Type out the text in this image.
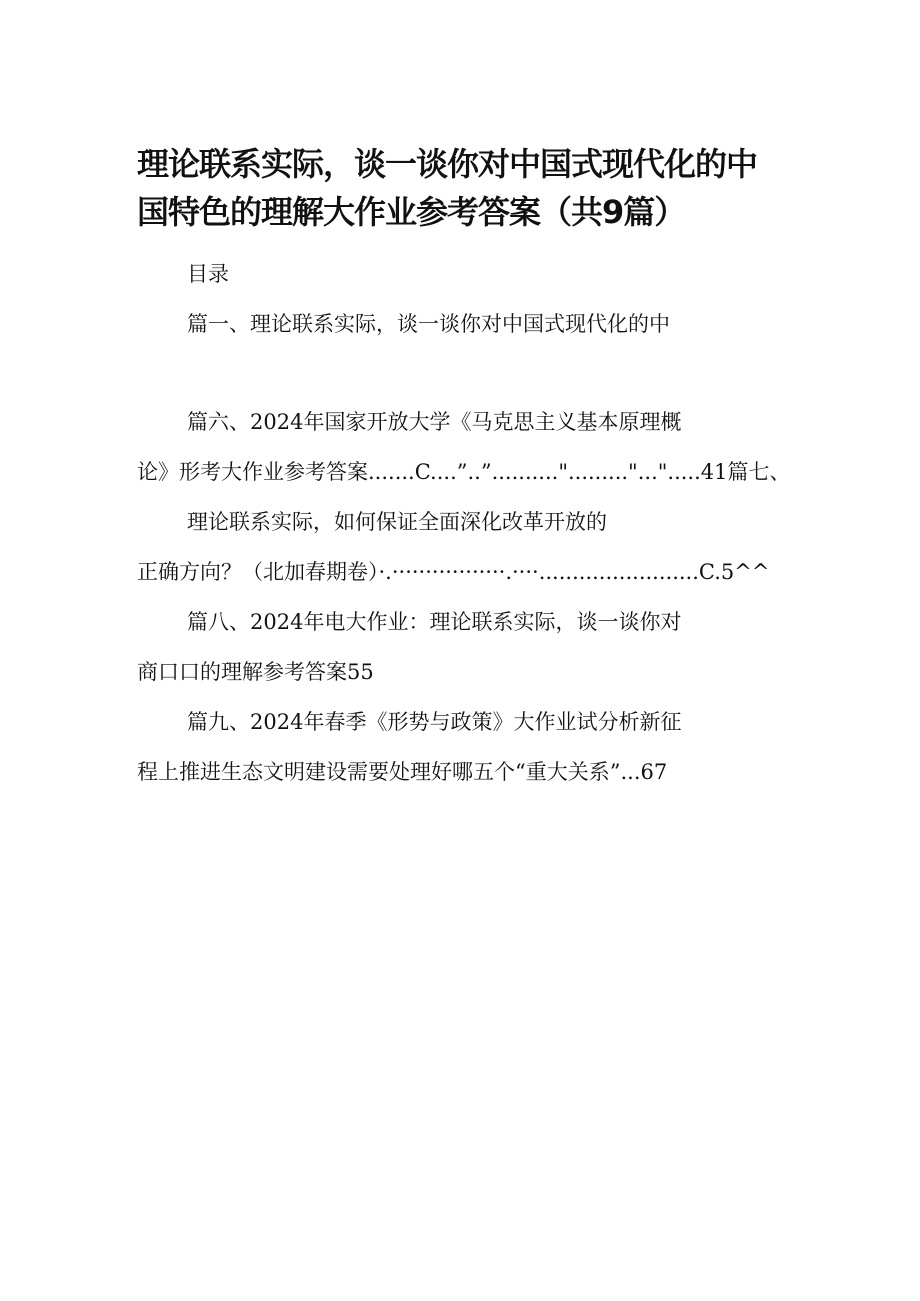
理论联系实际，谈一谈你对中国式现代化的中
国特色的理解大作业参考答案（共9篇）
目录
篇一、理论联系实际，谈一谈你对中国式现代化的中
篇六、2024年国家开放大学《马克思主义基本原理概
论》形考大作业参考答案.......C....”..”.........."........."...".....41篇七、
理论联系实际，如何保证全面深化改革开放的
正确方向？（北加春期卷）·.·················.····........................C.5^^
篇八、2024年电大作业：理论联系实际，谈一谈你对
商口口的理解参考答案55
篇九、2024年春季《形势与政策》大作业试分析新征
程上推进生态文明建设需要处理好哪五个“重大关系”...67
